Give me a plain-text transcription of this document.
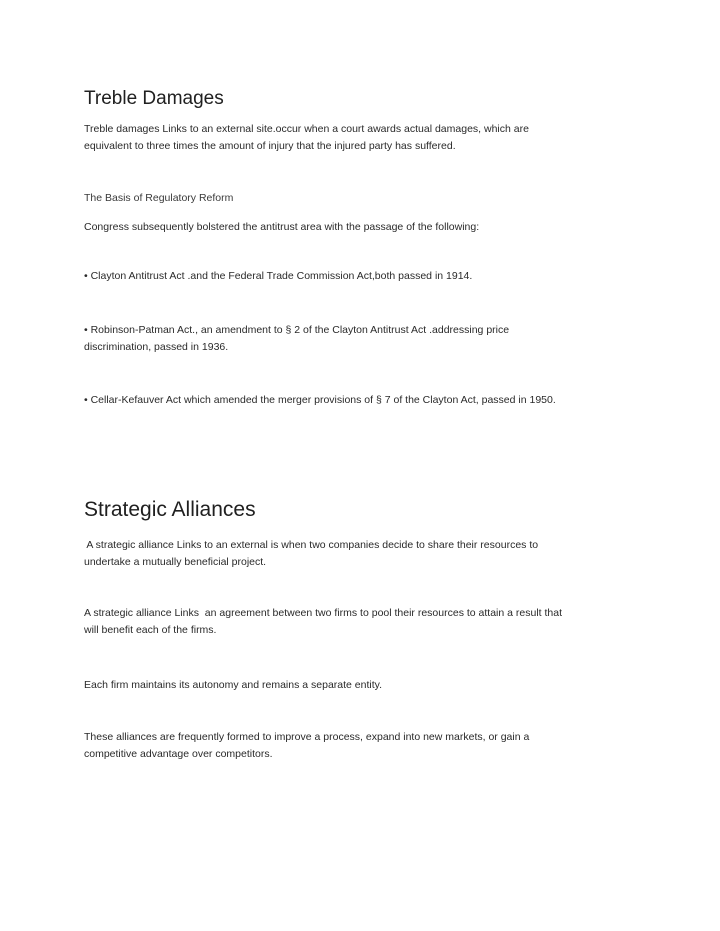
Treble Damages

Treble damages Links to an external site.occur when a court awards actual damages, which are

equivalent to three times the amount of injury that the injured party has suffered.

The Basis of Regulatory Reform

Congress subsequently bolstered the antitrust area with the passage of the following:

• Clayton Antitrust Act .and the Federal Trade Commission Act,both passed in 1914.

• Robinson-Patman Act., an amendment to § 2 of the Clayton Antitrust Act .addressing price

discrimination, passed in 1936.

• Cellar-Kefauver Act which amended the merger provisions of § 7 of the Clayton Act, passed in 1950.

Strategic Alliances

A strategic alliance Links to an external is when two companies decide to share their resources to

undertake a mutually beneficial project.

A strategic alliance Links  an agreement between two firms to pool their resources to attain a result that

will benefit each of the firms.

Each firm maintains its autonomy and remains a separate entity.

These alliances are frequently formed to improve a process, expand into new markets, or gain a

competitive advantage over competitors.
